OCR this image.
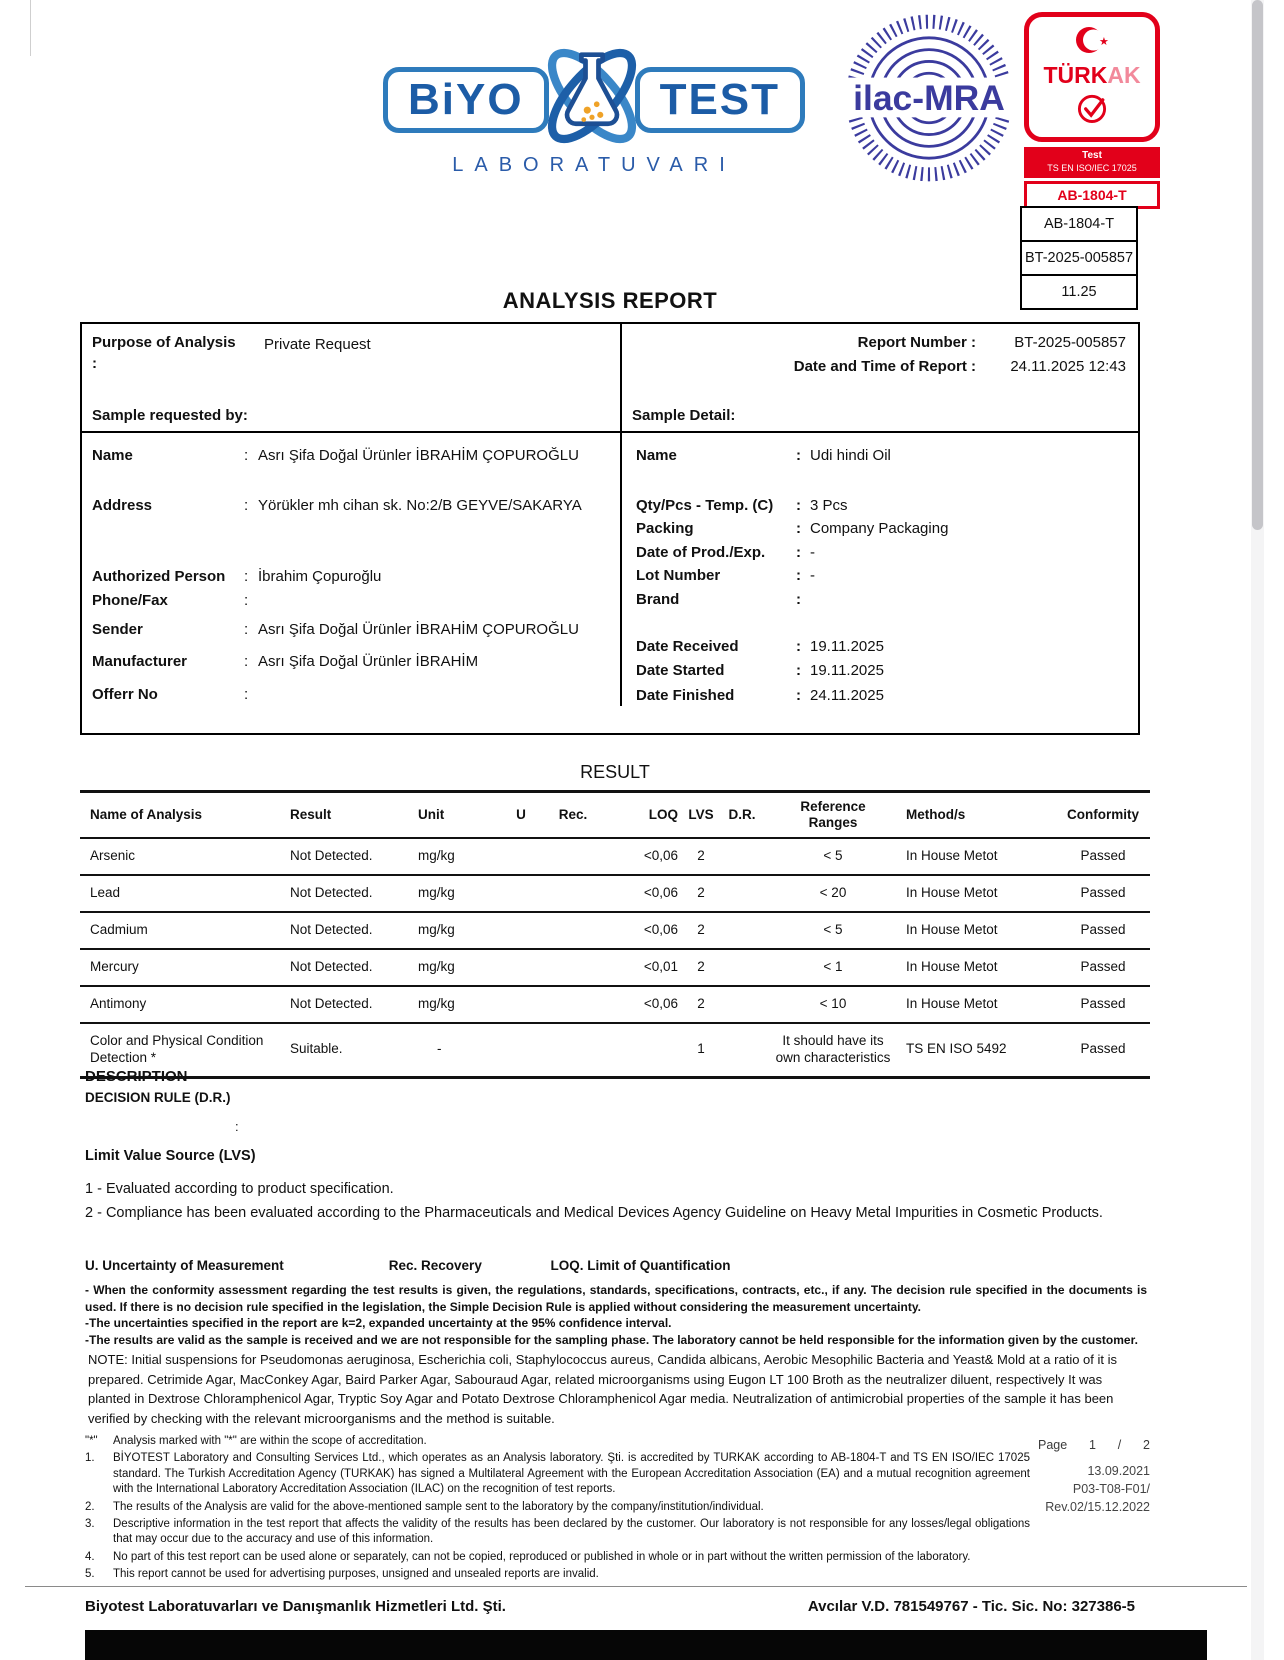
BiYO	TEST
LABORATUVARI
ilac-MRA
★
TÜRKAK
Test
TS EN ISO/IEC 17025
AB-1804-T
AB-1804-T
BT-2025-005857
11.25
ANALYSIS REPORT
Purpose of Analysis
:
Private Request	Report Number :	BT-2025-005857
Date and Time of Report :	24.11.2025 12:43
Sample requested by:	Sample Detail:
Name	: Asrı Şifa Doğal Ürünler İBRAHİM ÇOPUROĞLU
Address	: Yörükler mh cihan sk. No:2/B GEYVE/SAKARYA
Authorized Person	: İbrahim Çopuroğlu
Phone/Fax	:
Sender	: Asrı Şifa Doğal Ürünler İBRAHİM ÇOPUROĞLU
Manufacturer	: Asrı Şifa Doğal Ürünler İBRAHİM
Offerr No	:
Name	: Udi hindi Oil
Qty/Pcs - Temp. (C)	: 3 Pcs
Packing	: Company Packaging
Date of Prod./Exp.	: -
Lot Number	: -
Brand	:
Date Received	: 19.11.2025
Date Started	: 19.11.2025
Date Finished	: 24.11.2025
RESULT
Name of Analysis	Result	Unit	U	Rec.	LOQ	LVS	D.R.	Reference Ranges	Method/s	Conformity
Arsenic	Not Detected.	mg/kg			<0,06	2		< 5	In House Metot	Passed
Lead	Not Detected.	mg/kg			<0,06	2		< 20	In House Metot	Passed
Cadmium	Not Detected.	mg/kg			<0,06	2		< 5	In House Metot	Passed
Mercury	Not Detected.	mg/kg			<0,01	2		< 1	In House Metot	Passed
Antimony	Not Detected.	mg/kg			<0,06	2		< 10	In House Metot	Passed
Color and Physical Condition Detection *	Suitable.	-				1		It should have its own characteristics	TS EN ISO 5492	Passed
DESCRIPTION
DECISION RULE (D.R.)
:
Limit Value Source (LVS)
1 - Evaluated according to product specification.
2 - Compliance has been evaluated according to the Pharmaceuticals and Medical Devices Agency Guideline on Heavy Metal Impurities in Cosmetic Products.
U. Uncertainty of Measurement	Rec. Recovery	LOQ. Limit of Quantification

- When the conformity assessment regarding the test results is given, the regulations, standards, specifications, contracts, etc., if any. The decision rule specified in the documents is used. If there is no decision rule specified in the legislation, the Simple Decision Rule is applied without considering the measurement uncertainty.

-The uncertainties specified in the report are k=2, expanded uncertainty at the 95% confidence interval.

-The results are valid as the sample is received and we are not responsible for the sampling phase. The laboratory cannot be held responsible for the information given by the customer.

NOTE: Initial suspensions for Pseudomonas aeruginosa, Escherichia coli, Staphylococcus aureus, Candida albicans, Aerobic Mesophilic Bacteria and Yeast& Mold at a ratio of it is prepared. Cetrimide Agar, MacConkey Agar, Baird Parker Agar, Sabouraud Agar, related microorganisms using Eugon LT 100 Broth as the neutralizer diluent, respectively It was planted in Dextrose Chloramphenicol Agar, Tryptic Soy Agar and Potato Dextrose Chloramphenicol Agar media. Neutralization of antimicrobial properties of the sample it has been verified by checking with the relevant microorganisms and the method is suitable.
"*"	Analysis marked with "*" are within the scope of accreditation.
1.	BİYOTEST Laboratory and Consulting Services Ltd., which operates as an Analysis laboratory. Şti. is accredited by TURKAK according to AB-1804-T and TS EN ISO/IEC 17025 standard. The Turkish Accreditation Agency (TURKAK) has signed a Multilateral Agreement with the European Accreditation Association (EA) and a mutual recognition agreement with the International Laboratory Accreditation Association (ILAC) on the recognition of test reports.
2.	The results of the Analysis are valid for the above-mentioned sample sent to the laboratory by the company/institution/individual.
3.	Descriptive information in the test report that affects the validity of the results has been declared by the customer. Our laboratory is not responsible for any losses/legal obligations that may occur due to the accuracy and use of this information.
4.	No part of this test report can be used alone or separately, can not be copied, reproduced or published in whole or in part without the written permission of the laboratory.
5.	This report cannot be used for advertising purposes, unsigned and unsealed reports are invalid.
Page 1 / 2
13.09.2021
P03-T08-F01/
Rev.02/15.12.2022
Biyotest Laboratuvarları ve Danışmanlık Hizmetleri Ltd. Şti.	Avcılar V.D. 781549767 - Tic. Sic. No: 327386-5
